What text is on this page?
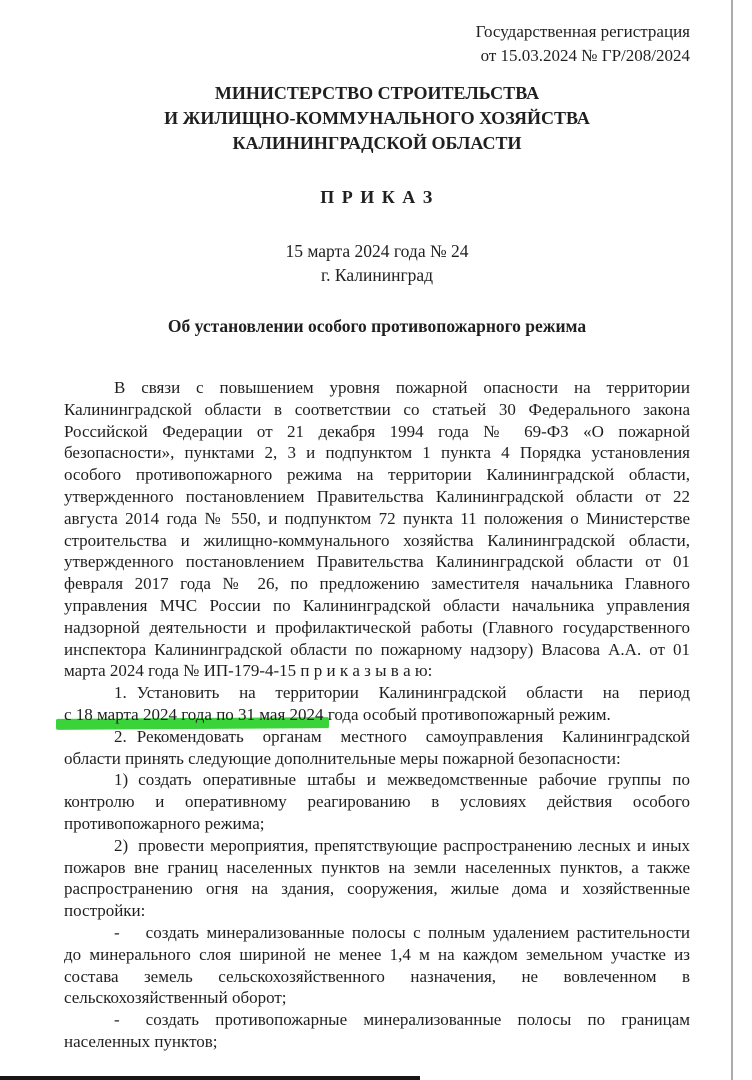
Государственная регистрация
от 15.03.2024 № ГР/208/2024
МИНИСТЕРСТВО СТРОИТЕЛЬСТВА
И ЖИЛИЩНО-КОММУНАЛЬНОГО ХОЗЯЙСТВА
КАЛИНИНГРАДСКОЙ ОБЛАСТИ
П Р И К А З
15 марта 2024 года № 24
г. Калининград
Об установлении особого противопожарного режима

В связи с повышением уровня пожарной опасности на территории Калининградской области в соответствии со статьей 30 Федерального закона Российской Федерации от 21 декабря 1994 года № 69-ФЗ «О пожарной безопасности», пунктами 2, 3 и подпунктом 1 пункта 4 Порядка установления особого противопожарного режима на территории Калининградской области, утвержденного постановлением Правительства Калининградской области от 22 августа 2014 года № 550, и подпунктом 72 пункта 11 положения о Министерстве строительства и жилищно-коммунального хозяйства Калининградской области, утвержденного постановлением Правительства Калининградской области от 01 февраля 2017 года № 26, по предложению заместителя начальника Главного управления МЧС России по Калининградской области начальника управления надзорной деятельности и профилактической работы (Главного государственного инспектора Калининградской области по пожарному надзору) Власова А.А. от 01 марта 2024 года № ИП-179-4-15 п р и к а з ы в а ю:

1. Установить на территории Калининградской области на период с 18 марта 2024 года по 31 мая 2024 года особый противопожарный режим.

2. Рекомендовать органам местного самоуправления Калининградской области принять следующие дополнительные меры пожарной безопасности:

1) создать оперативные штабы и межведомственные рабочие группы по контролю и оперативному реагированию в условиях действия особого противопожарного режима;

2) провести мероприятия, препятствующие распространению лесных и иных пожаров вне границ населенных пунктов на земли населенных пунктов, а также распространению огня на здания, сооружения, жилые дома и хозяйственные постройки:

- создать минерализованные полосы с полным удалением растительности до минерального слоя шириной не менее 1,4 м на каждом земельном участке из состава земель сельскохозяйственного назначения, не вовлеченном в сельскохозяйственный оборот;

- создать противопожарные минерализованные полосы по границам населенных пунктов;
